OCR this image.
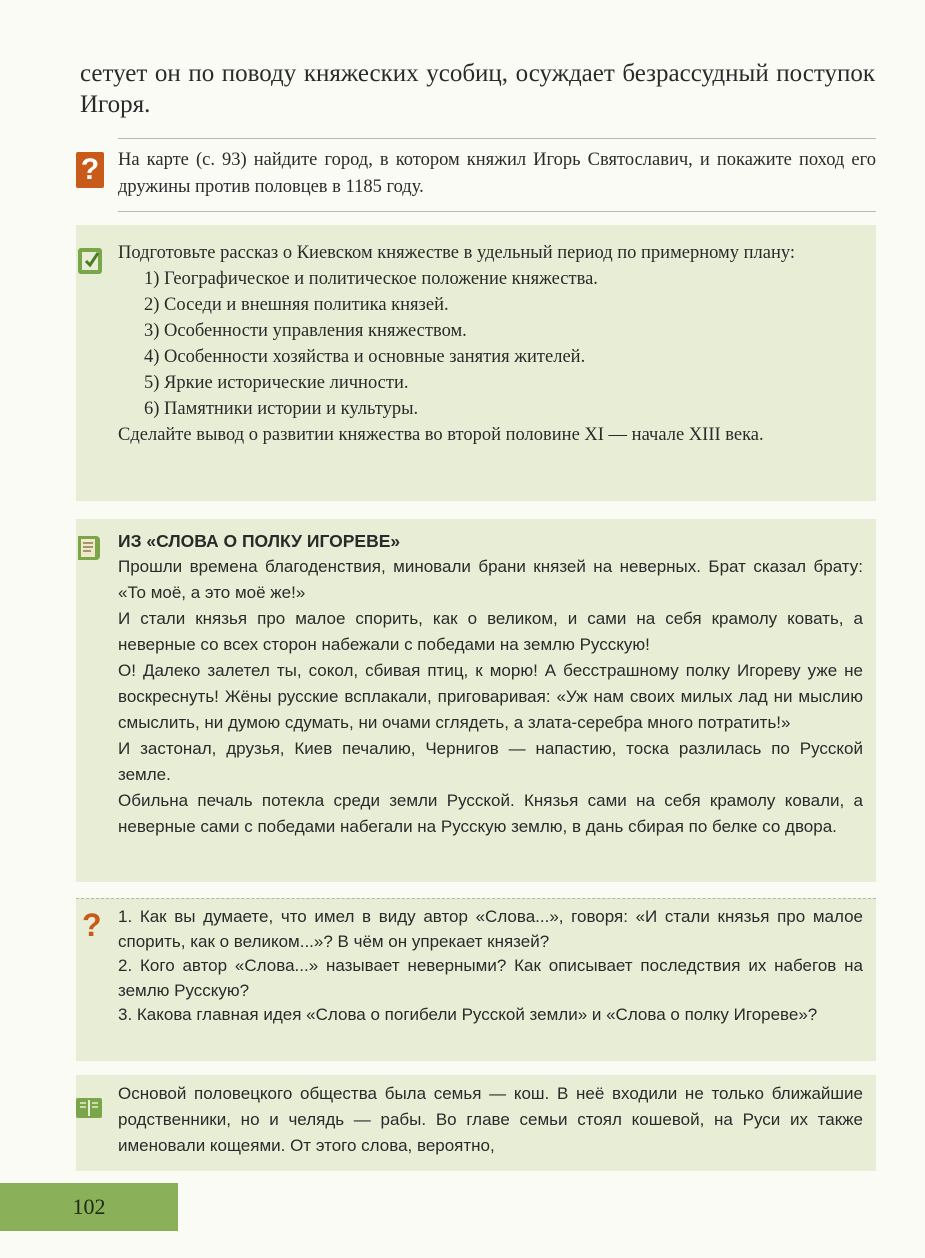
сетует он по поводу княжеских усобиц, осуждает безрассудный поступок Игоря.
? На карте (с. 93) найдите город, в котором княжил Игорь Святославич, и покажите поход его дружины против половцев в 1185 году.
Подготовьте рассказ о Киевском княжестве в удельный период по примерному плану:
1) Географическое и политическое положение княжества.
2) Соседи и внешняя политика князей.
3) Особенности управления княжеством.
4) Особенности хозяйства и основные занятия жителей.
5) Яркие исторические личности.
6) Памятники истории и культуры.
Сделайте вывод о развитии княжества во второй половине XI — начале XIII века.
ИЗ «СЛОВА О ПОЛКУ ИГОРЕВЕ»

Прошли времена благоденствия, миновали брани князей на неверных. Брат сказал брату: «То моё, а это моё же!»

И стали князья про малое спорить, как о великом, и сами на себя крамолу ковать, а неверные со всех сторон набежали с победами на землю Русскую!

О! Далеко залетел ты, сокол, сбивая птиц, к морю! А бесстрашному полку Игореву уже не воскреснуть! Жёны русские всплакали, приговаривая: «Уж нам своих милых лад ни мыслию смыслить, ни думою сдумать, ни очами сглядеть, а злата-серебра много потратить!»

И застонал, друзья, Киев печалию, Чернигов — напастию, тоска разлилась по Русской земле.

Обильна печаль потекла среди земли Русской. Князья сами на себя крамолу ковали, а неверные сами с победами набегали на Русскую землю, в дань сбирая по белке со двора.

? 1. Как вы думаете, что имел в виду автор «Слова...», говоря: «И стали князья про малое спорить, как о великом...»? В чём он упрекает князей?

2. Кого автор «Слова...» называет неверными? Как описывает последствия их набегов на землю Русскую?

3. Какова главная идея «Слова о погибели Русской земли» и «Слова о полку Игореве»?

Основой половецкого общества была семья — кош. В неё входили не только ближайшие родственники, но и челядь — рабы. Во главе семьи стоял кошевой, на Руси их также именовали кощеями. От этого слова, вероятно,
102
